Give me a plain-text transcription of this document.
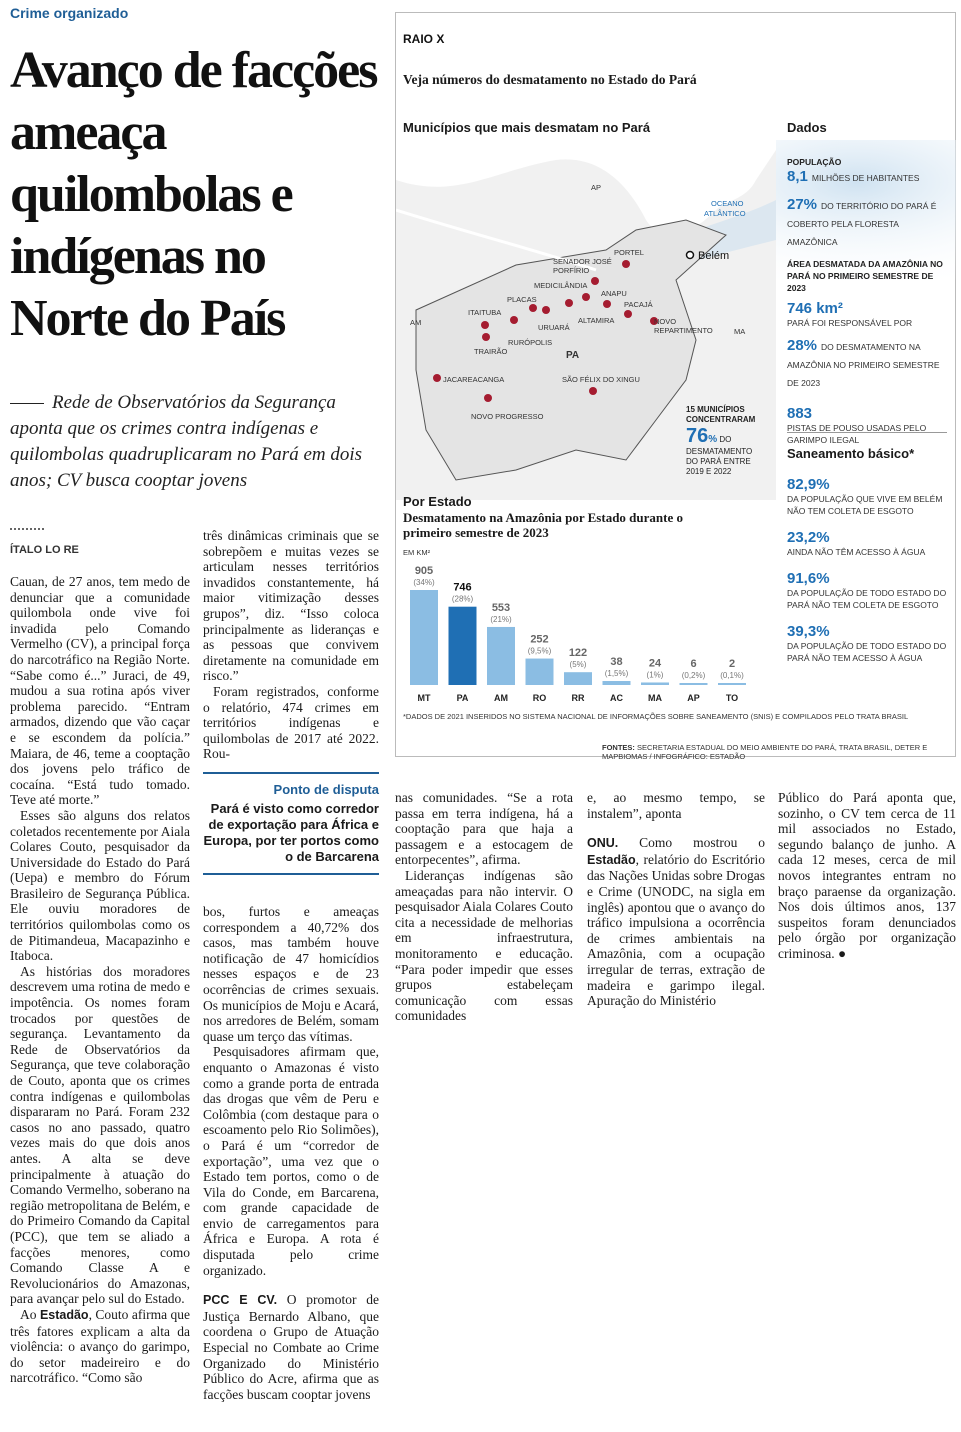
Crime organizado
Avanço de facções ameaça quilombolas e indígenas no Norte do País
Rede de Observatórios da Segurança aponta que os crimes contra indígenas e quilombolas quadruplicaram no Pará em dois anos; CV busca cooptar jovens
ÍTALO LO RE

Cauan, de 27 anos, tem medo de denunciar que a comunidade quilombola onde vive foi invadida pelo Comando Vermelho (CV), a principal força do narcotráfico na Região Norte. “Sabe como é...” Juraci, de 49, mudou a sua rotina após viver problema parecido. “Entram armados, dizendo que vão caçar e se escondem da polícia.” Maiara, de 46, teme a cooptação dos jovens pelo tráfico de cocaína. “Está tudo tomado. Teve até morte.”

Esses são alguns dos relatos coletados recentemente por Aiala Colares Couto, pesquisador da Universidade do Estado do Pará (Uepa) e membro do Fórum Brasileiro de Segurança Pública. Ele ouviu moradores de territórios quilombolas como os de Pitimandeua, Macapazinho e Itaboca.

As histórias dos moradores descrevem uma rotina de medo e impotência. Os nomes foram trocados por questões de segurança. Levantamento da Rede de Observatórios da Segurança, que teve colaboração de Couto, aponta que os crimes contra indígenas e quilombolas dispararam no Pará. Foram 232 casos no ano passado, quatro vezes mais do que dois anos antes. A alta se deve principalmente à atuação do Comando Vermelho, soberano na região metropolitana de Belém, e do Primeiro Comando da Capital (PCC), que tem se aliado a facções menores, como Comando Classe A e Revolucionários do Amazonas, para avançar pelo sul do Estado.

Ao Estadão, Couto afirma que três fatores explicam a alta da violência: o avanço do garimpo, do setor madeireiro e do narcotráfico. “Como são

três dinâmicas criminais que se sobrepõem e muitas vezes se articulam nesses territórios invadidos constantemente, há maior vitimização desses grupos”, diz. “Isso coloca principalmente as lideranças e as pessoas que convivem diretamente na comunidade em risco.”

Foram registrados, conforme o relatório, 474 crimes em territórios indígenas e quilombolas de 2017 até 2022. Rou-

Ponto de disputa
Pará é visto como corredor de exportação para África e Europa, por ter portos como o de Barcarena

bos, furtos e ameaças correspondem a 40,72% dos casos, mas também houve notificação de 47 homicídios nesses espaços e de 23 ocorrências de crimes sexuais. Os municípios de Moju e Acará, nos arredores de Belém, somam quase um terço das vítimas.

Pesquisadores afirmam que, enquanto o Amazonas é visto como a grande porta de entrada das drogas que vêm de Peru e Colômbia (com destaque para o escoamento pelo Rio Solimões), o Pará é um “corredor de exportação”, uma vez que o Estado tem portos, como o de Vila do Conde, em Barcarena, com grande capacidade de envio de carregamentos para África e Europa. A rota é disputada pelo crime organizado.

PCC E CV. O promotor de Justiça Bernardo Albano, que coordena o Grupo de Atuação Especial no Combate ao Crime Organizado do Ministério Público do Acre, afirma que as facções buscam cooptar jovens

nas comunidades. “Se a rota passa em terra indígena, há a cooptação para que haja a passagem e a estocagem de entorpecentes”, afirma.

Lideranças indígenas são ameaçadas para não intervir. O pesquisador Aiala Colares Couto cita a necessidade de melhorias em infraestrutura, monitoramento e educação. “Para poder impedir que esses grupos estabeleçam comunicação com essas comunidades

e, ao mesmo tempo, se instalem”, aponta

ONU. Como mostrou o Estadão, relatório do Escritório das Nações Unidas sobre Drogas e Crime (UNODC, na sigla em inglês) apontou que o avanço do tráfico impulsiona a ocorrência de crimes ambientais na Amazônia, com a ocupação irregular de terras, extração de madeira e garimpo ilegal. Apuração do Ministério

Público do Pará aponta que, sozinho, o CV tem cerca de 11 mil associados no Estado, segundo balanço de junho. A cada 12 meses, cerca de mil novos integrantes entram no braço paraense da organização. Nos dois últimos anos, 137 suspeitos foram denunciados pelo órgão por organização criminosa. ●

RAIO X
Veja números do desmatamento no Estado do Pará
Municípios que mais desmatam no Pará
AP
AM
MA
PA
OCEANO
ATLÂNTICO
Belém
PORTEL
SENADOR JOSÉ
PORFÍRIO
MEDICILÂNDIA
ANAPU
PLACAS
PACAJÁ
ITAITUBA
URUARÁ
ALTAMIRA	NOVO
REPARTIMENTO
RURÓPOLIS
TRAIRÃO
JACAREACANGA	SÃO FÉLIX DO XINGU
NOVO PROGRESSO
15 MUNICÍPIOS CONCENTRARAM
76% DO
DESMATAMENTO DO PARÁ ENTRE 2019 E 2022
Dados
POPULAÇÃO
8,1 MILHÕES DE HABITANTES
27% DO TERRITÓRIO DO PARÁ É COBERTO PELA FLORESTA AMAZÔNICA
ÁREA DESMATADA DA AMAZÔNIA NO PARÁ NO PRIMEIRO SEMESTRE DE 2023
746 km²
PARÁ FOI RESPONSÁVEL POR
28% DO DESMATAMENTO NA AMAZÔNIA NO PRIMEIRO SEMESTRE DE 2023
883
PISTAS DE POUSO USADAS PELO GARIMPO ILEGAL
Saneamento básico*
82,9%
DA POPULAÇÃO QUE VIVE EM BELÉM NÃO TEM COLETA DE ESGOTO
23,2%
AINDA NÃO TÊM ACESSO À ÁGUA
91,6%
DA POPULAÇÃO DE TODO ESTADO DO PARÁ NÃO TEM COLETA DE ESGOTO
39,3%
DA POPULAÇÃO DE TODO ESTADO DO PARÁ NÃO TEM ACESSO À ÁGUA
Por Estado
Desmatamento na Amazônia por Estado durante o primeiro semestre de 2023
EM KM²
905
(34%)
MT
746
(28%)
PA
553
(21%)
AM
252
(9,5%)
RO
122
(5%)
RR
38
(1,5%)
AC
24
(1%)
MA
6
(0,2%)
AP
2
(0,1%)
TO
*DADOS DE 2021 INSERIDOS NO SISTEMA NACIONAL DE INFORMAÇÕES SOBRE SANEAMENTO (SNIS) E COMPILADOS PELO TRATA BRASIL
FONTES: SECRETARIA ESTADUAL DO MEIO AMBIENTE DO PARÁ, TRATA BRASIL, DETER E MAPBIOMAS / INFOGRÁFICO: ESTADÃO
